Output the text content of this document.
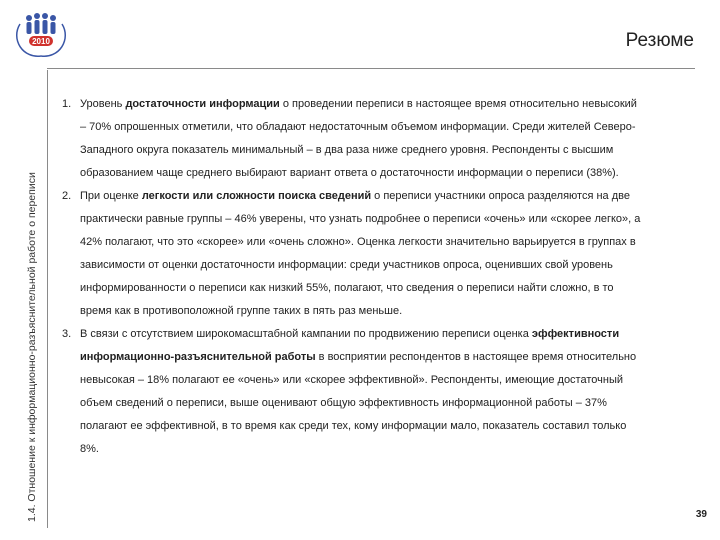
2010
1.4. Отношение к информационно-разъяснительной работе о переписи
Резюме
1. Уровень достаточности информации о проведении переписи в настоящее время относительно невысокий – 70% опрошенных отметили, что обладают недостаточным объемом информации. Среди жителей Северо-Западного округа показатель минимальный – в два раза ниже среднего уровня. Респонденты с высшим образованием чаще среднего выбирают вариант ответа о достаточности информации о переписи (38%).
2. При оценке легкости или сложности поиска сведений о переписи участники опроса разделяются на две практически равные группы – 46% уверены, что узнать подробнее о переписи «очень» или «скорее легко», а 42% полагают, что это «скорее» или «очень сложно». Оценка легкости значительно варьируется в группах в зависимости от оценки достаточности информации: среди участников опроса, оценивших свой уровень информированности о переписи как низкий 55%, полагают, что сведения о переписи найти сложно, в то время как в противоположной группе таких в пять раз меньше.
3. В связи с отсутствием широкомасштабной кампании по продвижению переписи оценка эффективности информационно-разъяснительной работы в восприятии респондентов в настоящее время относительно невысокая – 18% полагают ее «очень» или «скорее эффективной». Респонденты, имеющие достаточный объем сведений о переписи, выше оценивают общую эффективность информационной работы – 37% полагают ее эффективной, в то время как среди тех, кому информации мало, показатель составил только 8%.
39
